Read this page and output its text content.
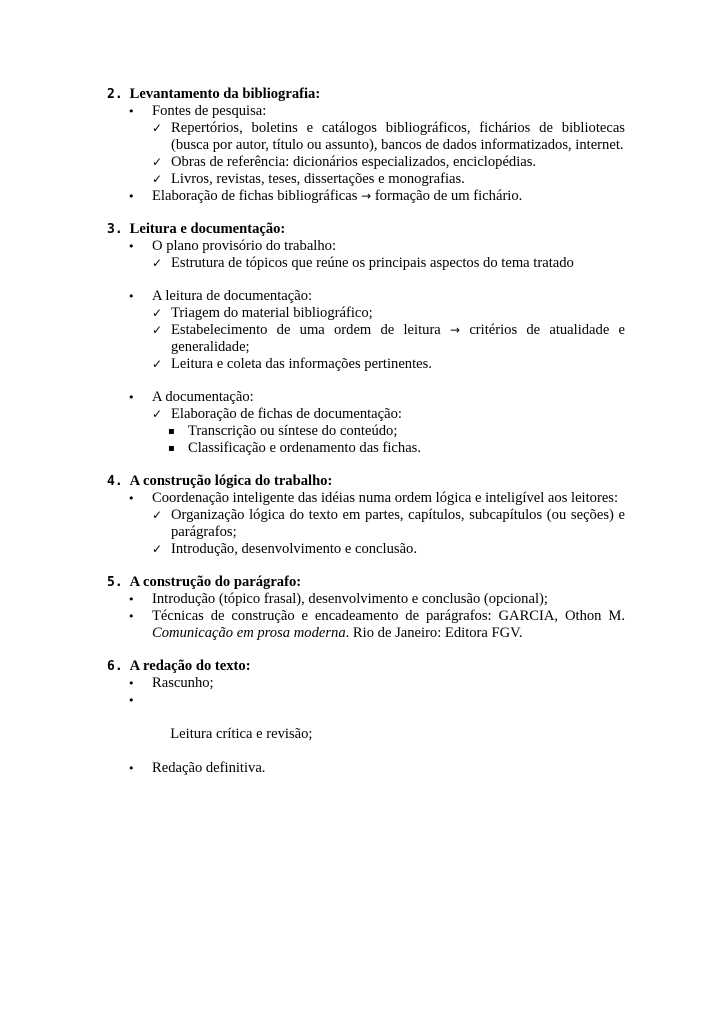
2. Levantamento da bibliografia:
• Fontes de pesquisa:
✓ Repertórios, boletins e catálogos bibliográficos, fichários de bibliotecas (busca por autor, título ou assunto), bancos de dados informatizados, internet.
✓ Obras de referência: dicionários especializados, enciclopédias.
✓ Livros, revistas, teses, dissertações e monografias.
• Elaboração de fichas bibliográficas → formação de um fichário.
3. Leitura e documentação:
• O plano provisório do trabalho:
✓ Estrutura de tópicos que reúne os principais aspectos do tema tratado
• A leitura de documentação:
✓ Triagem do material bibliográfico;
✓ Estabelecimento de uma ordem de leitura → critérios de atualidade e generalidade;
✓ Leitura e coleta das informações pertinentes.
• A documentação:
✓ Elaboração de fichas de documentação:
▪ Transcrição ou síntese do conteúdo;
▪ Classificação e ordenamento das fichas.
4. A construção lógica do trabalho:
• Coordenação inteligente das idéias numa ordem lógica e inteligível aos leitores:
✓ Organização lógica do texto em partes, capítulos, subcapítulos (ou seções) e parágrafos;
✓ Introdução, desenvolvimento e conclusão.
5. A construção do parágrafo:
• Introdução (tópico frasal), desenvolvimento e conclusão (opcional);
• Técnicas de construção e encadeamento de parágrafos: GARCIA, Othon M. Comunicação em prosa moderna. Rio de Janeiro: Editora FGV.
6. A redação do texto:
• Rascunho;

•

Leitura crítica e revisão;

• Redação definitiva.
